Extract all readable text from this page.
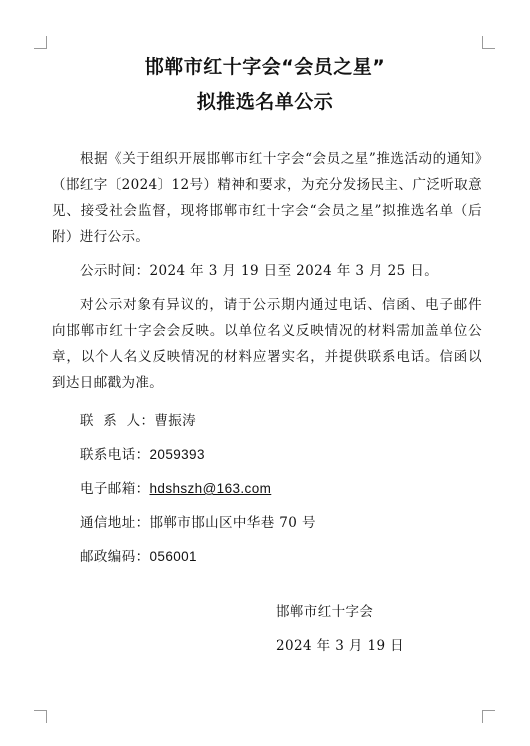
邯郸市红十字会“会员之星”
拟推选名单公示

根据《关于组织开展邯郸市红十字会“会员之星”推选活动的通知》（邯红字〔2024〕12号）精神和要求，为充分发扬民主、广泛听取意见、接受社会监督，现将邯郸市红十字会“会员之星”拟推选名单（后附）进行公示。

公示时间：2024 年 3 月 19 日至 2024 年 3 月 25 日。

对公示对象有异议的，请于公示期内通过电话、信函、电子邮件向邯郸市红十字会会反映。以单位名义反映情况的材料需加盖单位公章，以个人名义反映情况的材料应署实名，并提供联系电话。信函以到达日邮戳为准。

联  系  人：曹振涛
联系电话：2059393
电子邮箱：hdshszh@163.com
通信地址：邯郸市邯山区中华巷 70 号
邮政编码：056001
邯郸市红十字会
2024 年 3 月 19 日
